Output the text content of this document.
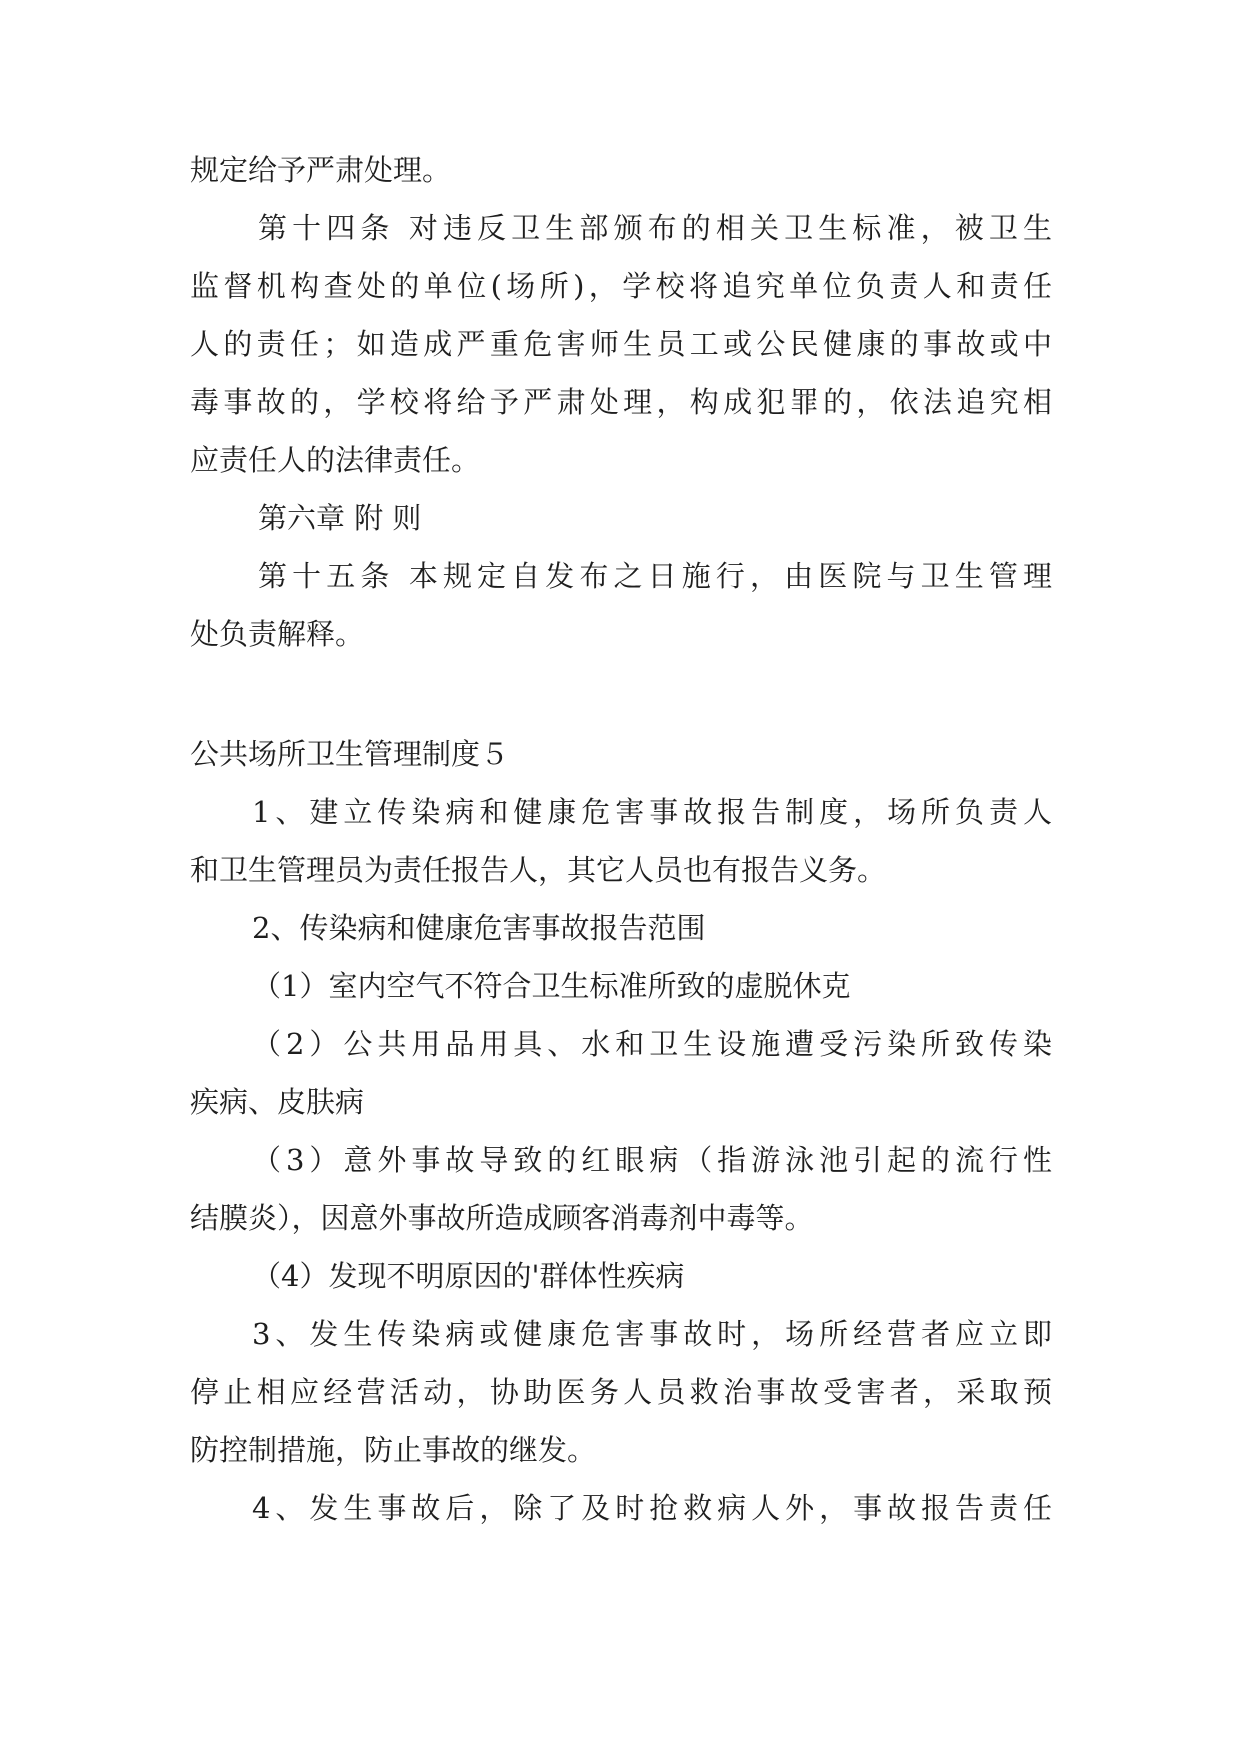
规定给予严肃处理。

第十四条 对违反卫生部颁布的相关卫生标准，被卫生

监督机构查处的单位(场所)，学校将追究单位负责人和责任

人的责任；如造成严重危害师生员工或公民健康的事故或中

毒事故的，学校将给予严肃处理，构成犯罪的，依法追究相

应责任人的法律责任。

第六章 附 则

第十五条 本规定自发布之日施行，由医院与卫生管理

处负责解释。

公共场所卫生管理制度５

1、建立传染病和健康危害事故报告制度，场所负责人

和卫生管理员为责任报告人，其它人员也有报告义务。

2、传染病和健康危害事故报告范围

（1）室内空气不符合卫生标准所致的虚脱休克

（2）公共用品用具、水和卫生设施遭受污染所致传染

疾病、皮肤病

（3）意外事故导致的红眼病（指游泳池引起的流行性

结膜炎），因意外事故所造成顾客消毒剂中毒等。

（4）发现不明原因的'群体性疾病

3、发生传染病或健康危害事故时，场所经营者应立即

停止相应经营活动，协助医务人员救治事故受害者，采取预

防控制措施，防止事故的继发。

4、发生事故后，除了及时抢救病人外，事故报告责任
